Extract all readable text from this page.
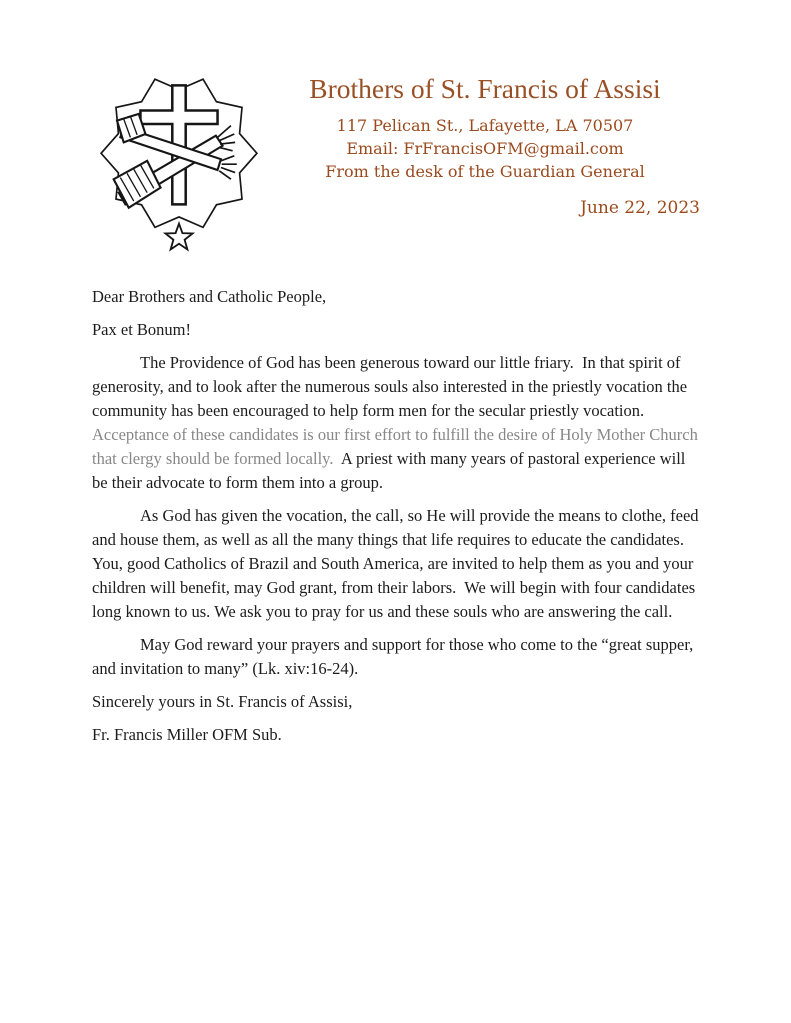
Brothers of St. Francis of Assisi
117 Pelican St., Lafayette, LA 70507
Email: FrFrancisOFM@gmail.com
From the desk of the Guardian General
June 22, 2023

Dear Brothers and Catholic People,

Pax et Bonum!

The Providence of God has been generous toward our little friary.  In that spirit of generosity, and to look after the numerous souls also interested in the priestly vocation the community has been encouraged to help form men for the secular priestly vocation.  Acceptance of these candidates is our first effort to fulfill the desire of Holy Mother Church that clergy should be formed locally.  A priest with many years of pastoral experience will be their advocate to form them into a group.

As God has given the vocation, the call, so He will provide the means to clothe, feed and house them, as well as all the many things that life requires to educate the candidates.  You, good Catholics of Brazil and South America, are invited to help them as you and your children will benefit, may God grant, from their labors.  We will begin with four candidates long known to us. We ask you to pray for us and these souls who are answering the call.

May God reward your prayers and support for those who come to the “great supper, and invitation to many” (Lk. xiv:16-24).

Sincerely yours in St. Francis of Assisi,

Fr. Francis Miller OFM Sub.
